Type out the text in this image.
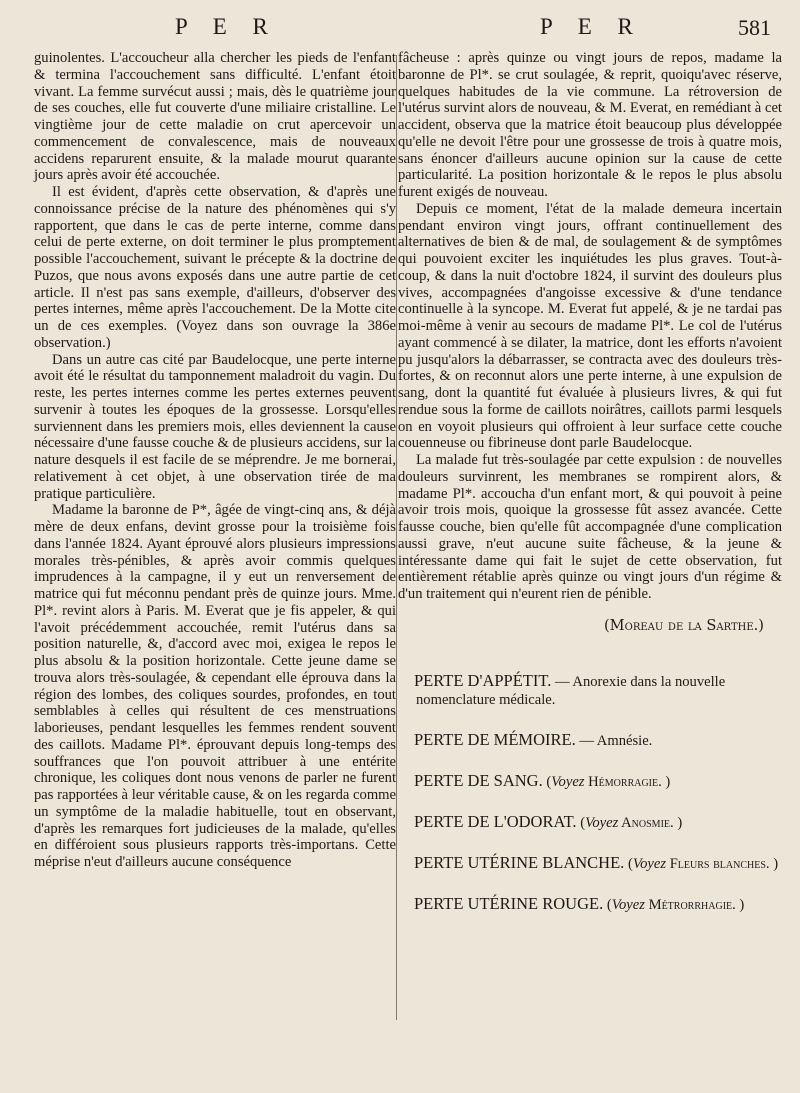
P E R	P E R	581

guinolentes. L'accoucheur alla chercher les pieds de l'enfant & termina l'accouchement sans difficulté. L'enfant étoit vivant. La femme survécut aussi ; mais, dès le quatrième jour de ses couches, elle fut couverte d'une miliaire cristalline. Le vingtième jour de cette maladie on crut apercevoir un commencement de convalescence, mais de nouveaux accidens reparurent ensuite, & la malade mourut quarante jours après avoir été accouchée.

Il est évident, d'après cette observation, & d'après une connoissance précise de la nature des phénomènes qui s'y rapportent, que dans le cas de perte interne, comme dans celui de perte externe, on doit terminer le plus promptement possible l'accouchement, suivant le précepte & la doctrine de Puzos, que nous avons exposés dans une autre partie de cet article. Il n'est pas sans exemple, d'ailleurs, d'observer des pertes internes, même après l'accouchement. De la Motte cite un de ces exemples. (Voyez dans son ouvrage la 386e observation.)

Dans un autre cas cité par Baudelocque, une perte interne avoit été le résultat du tamponnement maladroit du vagin. Du reste, les pertes internes comme les pertes externes peuvent survenir à toutes les époques de la grossesse. Lorsqu'elles surviennent dans les premiers mois, elles deviennent la cause nécessaire d'une fausse couche & de plusieurs accidens, sur la nature desquels il est facile de se méprendre. Je me bornerai, relativement à cet objet, à une observation tirée de ma pratique particulière.

Madame la baronne de P*, âgée de vingt-cinq ans, & déjà mère de deux enfans, devint grosse pour la troisième fois dans l'année 1824. Ayant éprouvé alors plusieurs impressions morales très-pénibles, & après avoir commis quelques imprudences à la campagne, il y eut un renversement de matrice qui fut méconnu pendant près de quinze jours. Mme. Pl*. revint alors à Paris. M. Everat que je fis appeler, & qui l'avoit précédemment accouchée, remit l'utérus dans sa position naturelle, &, d'accord avec moi, exigea le repos le plus absolu & la position horizontale. Cette jeune dame se trouva alors très-soulagée, & cependant elle éprouva dans la région des lombes, des coliques sourdes, profondes, en tout semblables à celles qui résultent de ces menstruations laborieuses, pendant lesquelles les femmes rendent souvent des caillots. Madame Pl*. éprouvant depuis long-temps des souffrances que l'on pouvoit attribuer à une entérite chronique, les coliques dont nous venons de parler ne furent pas rapportées à leur véritable cause, & on les regarda comme un symptôme de la maladie habituelle, tout en observant, d'après les remarques fort judicieuses de la malade, qu'elles en différoient sous plusieurs rapports très-importans. Cette méprise n'eut d'ailleurs aucune conséquence

fâcheuse : après quinze ou vingt jours de repos, madame la baronne de Pl*. se crut soulagée, & reprit, quoiqu'avec réserve, quelques habitudes de la vie commune. La rétroversion de l'utérus survint alors de nouveau, & M. Everat, en remédiant à cet accident, observa que la matrice étoit beaucoup plus développée qu'elle ne devoit l'être pour une grossesse de trois à quatre mois, sans énoncer d'ailleurs aucune opinion sur la cause de cette particularité. La position horizontale & le repos le plus absolu furent exigés de nouveau.

Depuis ce moment, l'état de la malade demeura incertain pendant environ vingt jours, offrant continuellement des alternatives de bien & de mal, de soulagement & de symptômes qui pouvoient exciter les inquiétudes les plus graves. Tout-à-coup, & dans la nuit d'octobre 1824, il survint des douleurs plus vives, accompagnées d'angoisse excessive & d'une tendance continuelle à la syncope. M. Everat fut appelé, & je ne tardai pas moi-même à venir au secours de madame Pl*. Le col de l'utérus ayant commencé à se dilater, la matrice, dont les efforts n'avoient pu jusqu'alors la débarrasser, se contracta avec des douleurs très-fortes, & on reconnut alors une perte interne, à une expulsion de sang, dont la quantité fut évaluée à plusieurs livres, & qui fut rendue sous la forme de caillots noirâtres, caillots parmi lesquels on en voyoit plusieurs qui offroient à leur surface cette couche couenneuse ou fibrineuse dont parle Baudelocque.

La malade fut très-soulagée par cette expulsion : de nouvelles douleurs survinrent, les membranes se rompirent alors, & madame Pl*. accoucha d'un enfant mort, & qui pouvoit à peine avoir trois mois, quoique la grossesse fût assez avancée. Cette fausse couche, bien qu'elle fût accompagnée d'une complication aussi grave, n'eut aucune suite fâcheuse, & la jeune & intéressante dame qui fait le sujet de cette observation, fut entièrement rétablie après quinze ou vingt jours d'un régime & d'un traitement qui n'eurent rien de pénible.

(Moreau de la Sarthe.)

PERTE D'APPÉTIT. — Anorexie dans la nouvelle nomenclature médicale.

PERTE DE MÉMOIRE. — Amnésie.

PERTE DE SANG. (Voyez Hémorragie. )

PERTE DE L'ODORAT. (Voyez Anosmie. )

PERTE UTÉRINE BLANCHE. (Voyez Fleurs blanches. )

PERTE UTÉRINE ROUGE. (Voyez Métrorrhagie. )
